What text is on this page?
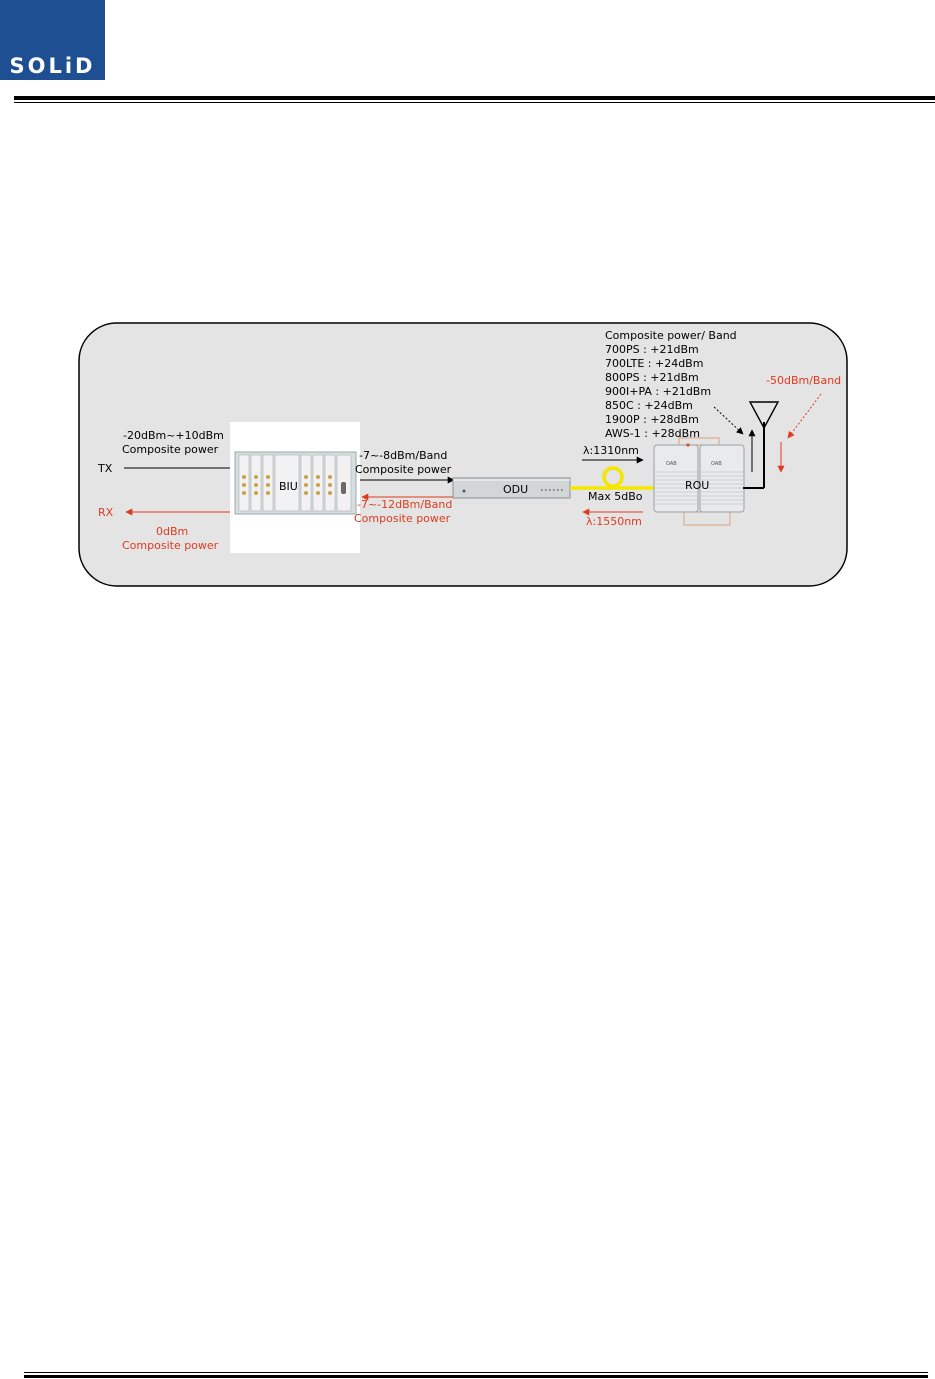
SOLiD
TX
RX
-20dBm~+10dBm
Composite power
0dBm
Composite power
BIU
-7~-8dBm/Band
Composite power
-7~-12dBm/Band
Composite power
ODU
λ:1310nm
Max 5dBo
λ:1550nm
OAB	OAB
ROU
-50dBm/Band
Composite power/ Band
700PS : +21dBm
700LTE : +24dBm
800PS : +21dBm
900I+PA : +21dBm
850C : +24dBm
1900P : +28dBm
AWS-1 : +28dBm
